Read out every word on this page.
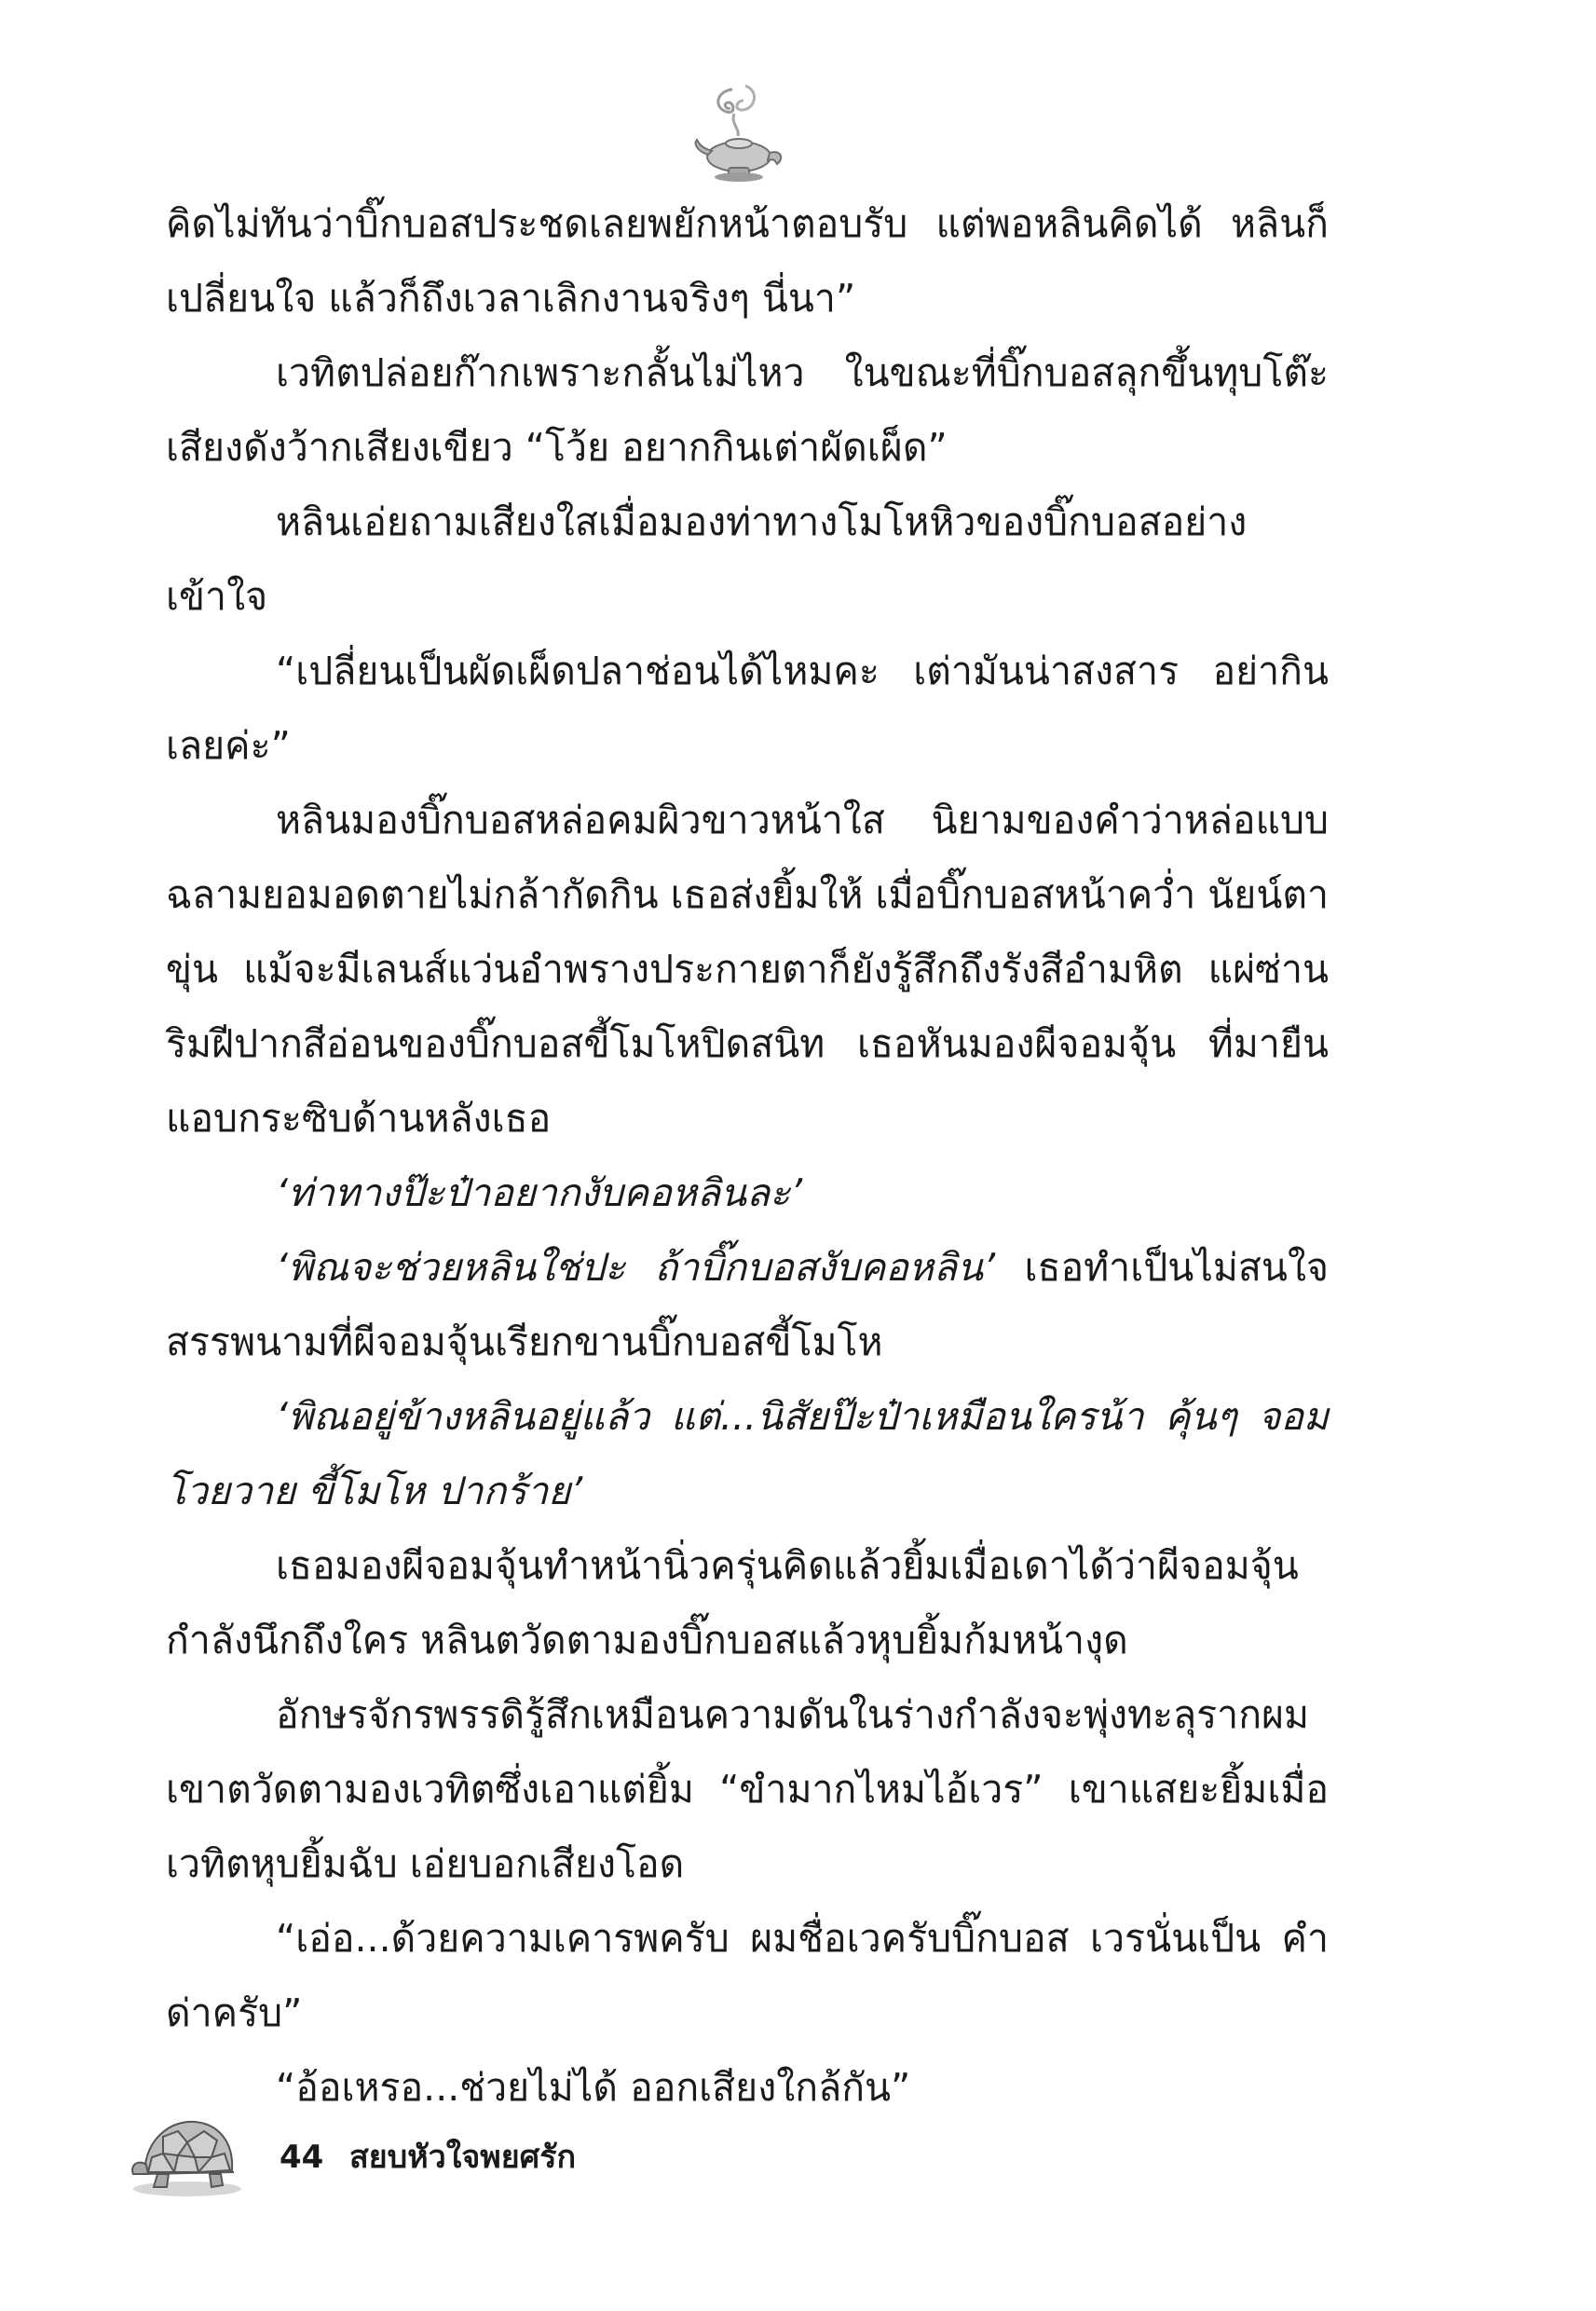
คิดไม่ทันว่าบิ๊กบอสประชดเลยพยักหน้าตอบรับ แต่พอหลินคิดได้ หลินก็เปลี่ยนใจ แล้วก็ถึงเวลาเลิกงานจริงๆ นี่นา”

เวทิตปล่อยก๊ากเพราะกลั้นไม่ไหว ในขณะที่บิ๊กบอสลุกขึ้นทุบโต๊ะ เสียงดังว้ากเสียงเขียว “โว้ย อยากกินเต่าผัดเผ็ด”

หลินเอ่ยถามเสียงใสเมื่อมองท่าทางโมโหหิวของบิ๊กบอสอย่าง เข้าใจ

“เปลี่ยนเป็นผัดเผ็ดปลาช่อนได้ไหมคะ เต่ามันน่าสงสาร อย่ากิน เลยค่ะ”

หลินมองบิ๊กบอสหล่อคมผิวขาวหน้าใส นิยามของคำว่าหล่อแบบ ฉลามยอมอดตายไม่กล้ากัดกิน เธอส่งยิ้มให้ เมื่อบิ๊กบอสหน้าคว่ำ นัยน์ตาขุ่น แม้จะมีเลนส์แว่นอำพรางประกายตาก็ยังรู้สึกถึงรังสีอำมหิต แผ่ซ่าน ริมฝีปากสีอ่อนของบิ๊กบอสขี้โมโหปิดสนิท เธอหันมองผีจอมจุ้น ที่มายืนแอบกระซิบด้านหลังเธอ

‘ท่าทางป๊ะป๋าอยากงับคอหลินละ’

‘พิณจะช่วยหลินใช่ปะ ถ้าบิ๊กบอสงับคอหลิน’ เธอทำเป็นไม่สนใจ สรรพนามที่ผีจอมจุ้นเรียกขานบิ๊กบอสขี้โมโห

‘พิณอยู่ข้างหลินอยู่แล้ว แต่...นิสัยป๊ะป๋าเหมือนใครน้า คุ้นๆ จอมโวยวาย ขี้โมโห ปากร้าย’

เธอมองผีจอมจุ้นทำหน้านิ่วครุ่นคิดแล้วยิ้มเมื่อเดาได้ว่าผีจอมจุ้น กำลังนึกถึงใคร หลินตวัดตามองบิ๊กบอสแล้วหุบยิ้มก้มหน้างุด

อักษรจักรพรรดิรู้สึกเหมือนความดันในร่างกำลังจะพุ่งทะลุรากผม เขาตวัดตามองเวทิตซึ่งเอาแต่ยิ้ม “ขำมากไหมไอ้เวร” เขาแสยะยิ้มเมื่อ เวทิตหุบยิ้มฉับ เอ่ยบอกเสียงโอด

“เอ่อ...ด้วยความเคารพครับ ผมชื่อเวครับบิ๊กบอส เวรนั่นเป็น คำด่าครับ”

“อ้อเหรอ...ช่วยไม่ได้ ออกเสียงใกล้กัน”

44 สยบหัวใจพยศรัก
